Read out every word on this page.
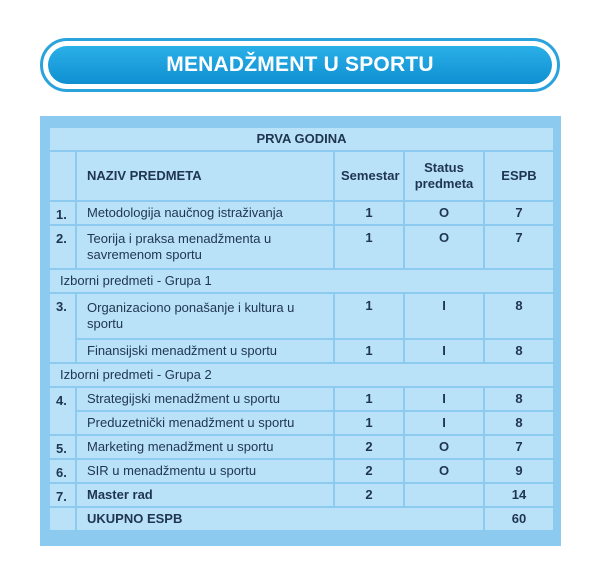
MENADŽMENT U SPORTU
PRVA GODINA				
	NAZIV PREDMETA	Semestar	Status predmeta	ESPB
1.	Metodologija naučnog istraživanja	1	O	7
2.	Teorija i praksa menadžmenta u savremenom sportu	1	O	7
Izborni predmeti - Grupa 1				
3.	Organizaciono ponašanje i kultura u sportu	1	I	8
	Finansijski menadžment u sportu	1	I	8
Izborni predmeti - Grupa 2				
4.	Strategijski menadžment u sportu	1	I	8
	Preduzetnički menadžment u sportu	1	I	8
5.	Marketing menadžment u sportu	2	O	7
6.	SIR u menadžmentu u sportu	2	O	9
7.	Master rad	2		14
	UKUPNO ESPB			60
